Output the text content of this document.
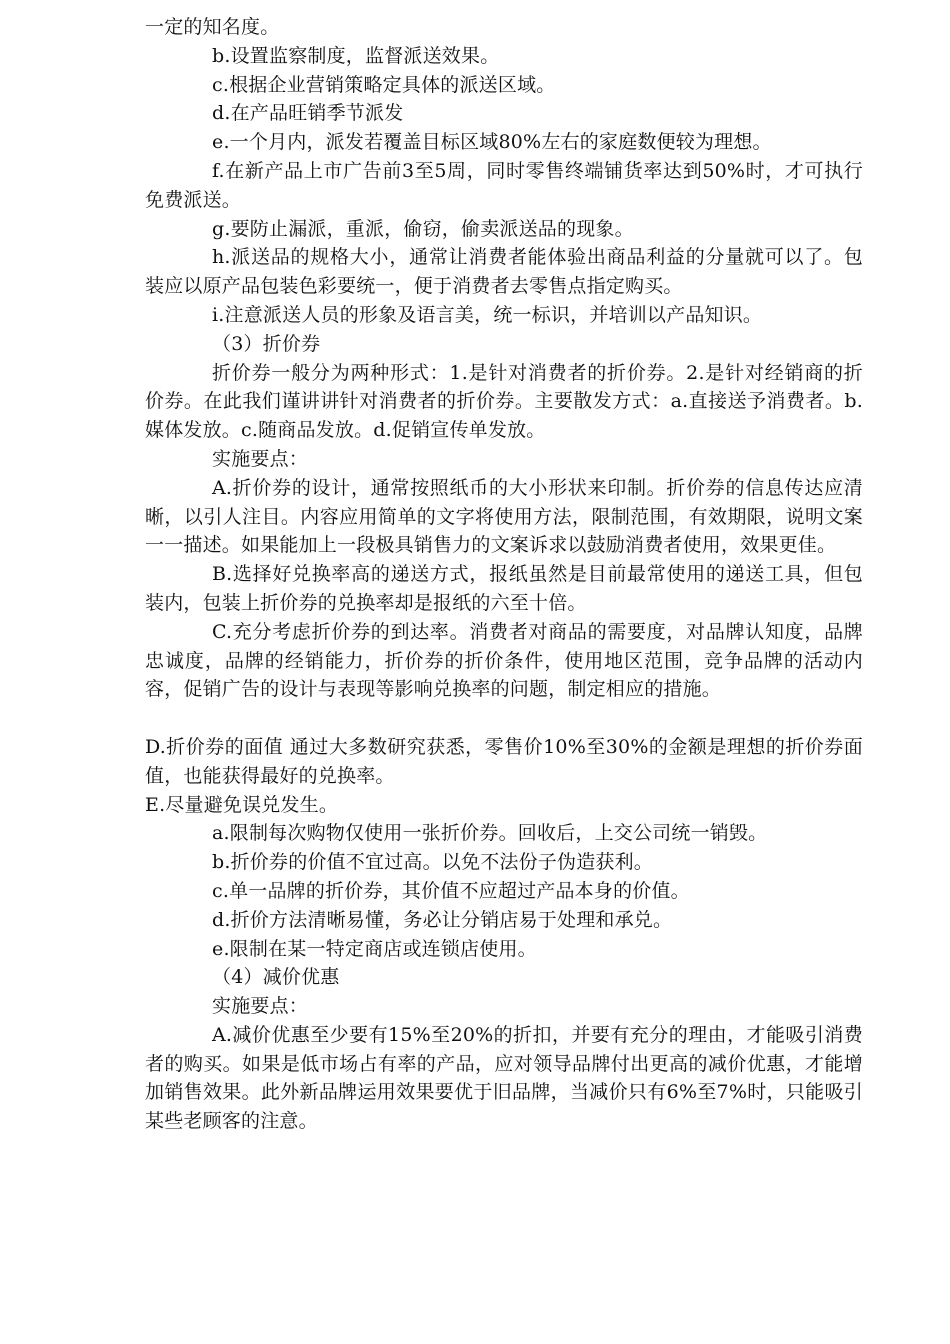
一定的知名度。

b.设置监察制度，监督派送效果。

c.根据企业营销策略定具体的派送区域。

d.在产品旺销季节派发

e.一个月内，派发若覆盖目标区域80%左右的家庭数便较为理想。

f.在新产品上市广告前3至5周，同时零售终端铺货率达到50%时，才可执行免费派送。

g.要防止漏派，重派，偷窃，偷卖派送品的现象。

h.派送品的规格大小，通常让消费者能体验出商品利益的分量就可以了。包装应以原产品包装色彩要统一，便于消费者去零售点指定购买。

i.注意派送人员的形象及语言美，统一标识，并培训以产品知识。

（3）折价券

折价券一般分为两种形式：1.是针对消费者的折价券。2.是针对经销商的折价券。在此我们谨讲讲针对消费者的折价券。主要散发方式：a.直接送予消费者。b.媒体发放。c.随商品发放。d.促销宣传单发放。

实施要点：

A.折价券的设计，通常按照纸币的大小形状来印制。折价券的信息传达应清晰，以引人注目。内容应用简单的文字将使用方法，限制范围，有效期限，说明文案一一描述。如果能加上一段极具销售力的文案诉求以鼓励消费者使用，效果更佳。

B.选择好兑换率高的递送方式，报纸虽然是目前最常使用的递送工具，但包装内，包装上折价券的兑换率却是报纸的六至十倍。

C.充分考虑折价券的到达率。消费者对商品的需要度，对品牌认知度，品牌忠诚度，品牌的经销能力，折价券的折价条件，使用地区范围，竞争品牌的活动内容，促销广告的设计与表现等影响兑换率的问题，制定相应的措施。

D.折价券的面值 通过大多数研究获悉，零售价10%至30%的金额是理想的折价券面值，也能获得最好的兑换率。

E.尽量避免误兑发生。

a.限制每次购物仅使用一张折价券。回收后，上交公司统一销毁。

b.折价券的价值不宜过高。以免不法份子伪造获利。

c.单一品牌的折价券，其价值不应超过产品本身的价值。

d.折价方法清晰易懂，务必让分销店易于处理和承兑。

e.限制在某一特定商店或连锁店使用。

（4）减价优惠

实施要点：

A.减价优惠至少要有15%至20%的折扣，并要有充分的理由，才能吸引消费者的购买。如果是低市场占有率的产品，应对领导品牌付出更高的减价优惠，才能增加销售效果。此外新品牌运用效果要优于旧品牌，当减价只有6%至7%时，只能吸引某些老顾客的注意。
